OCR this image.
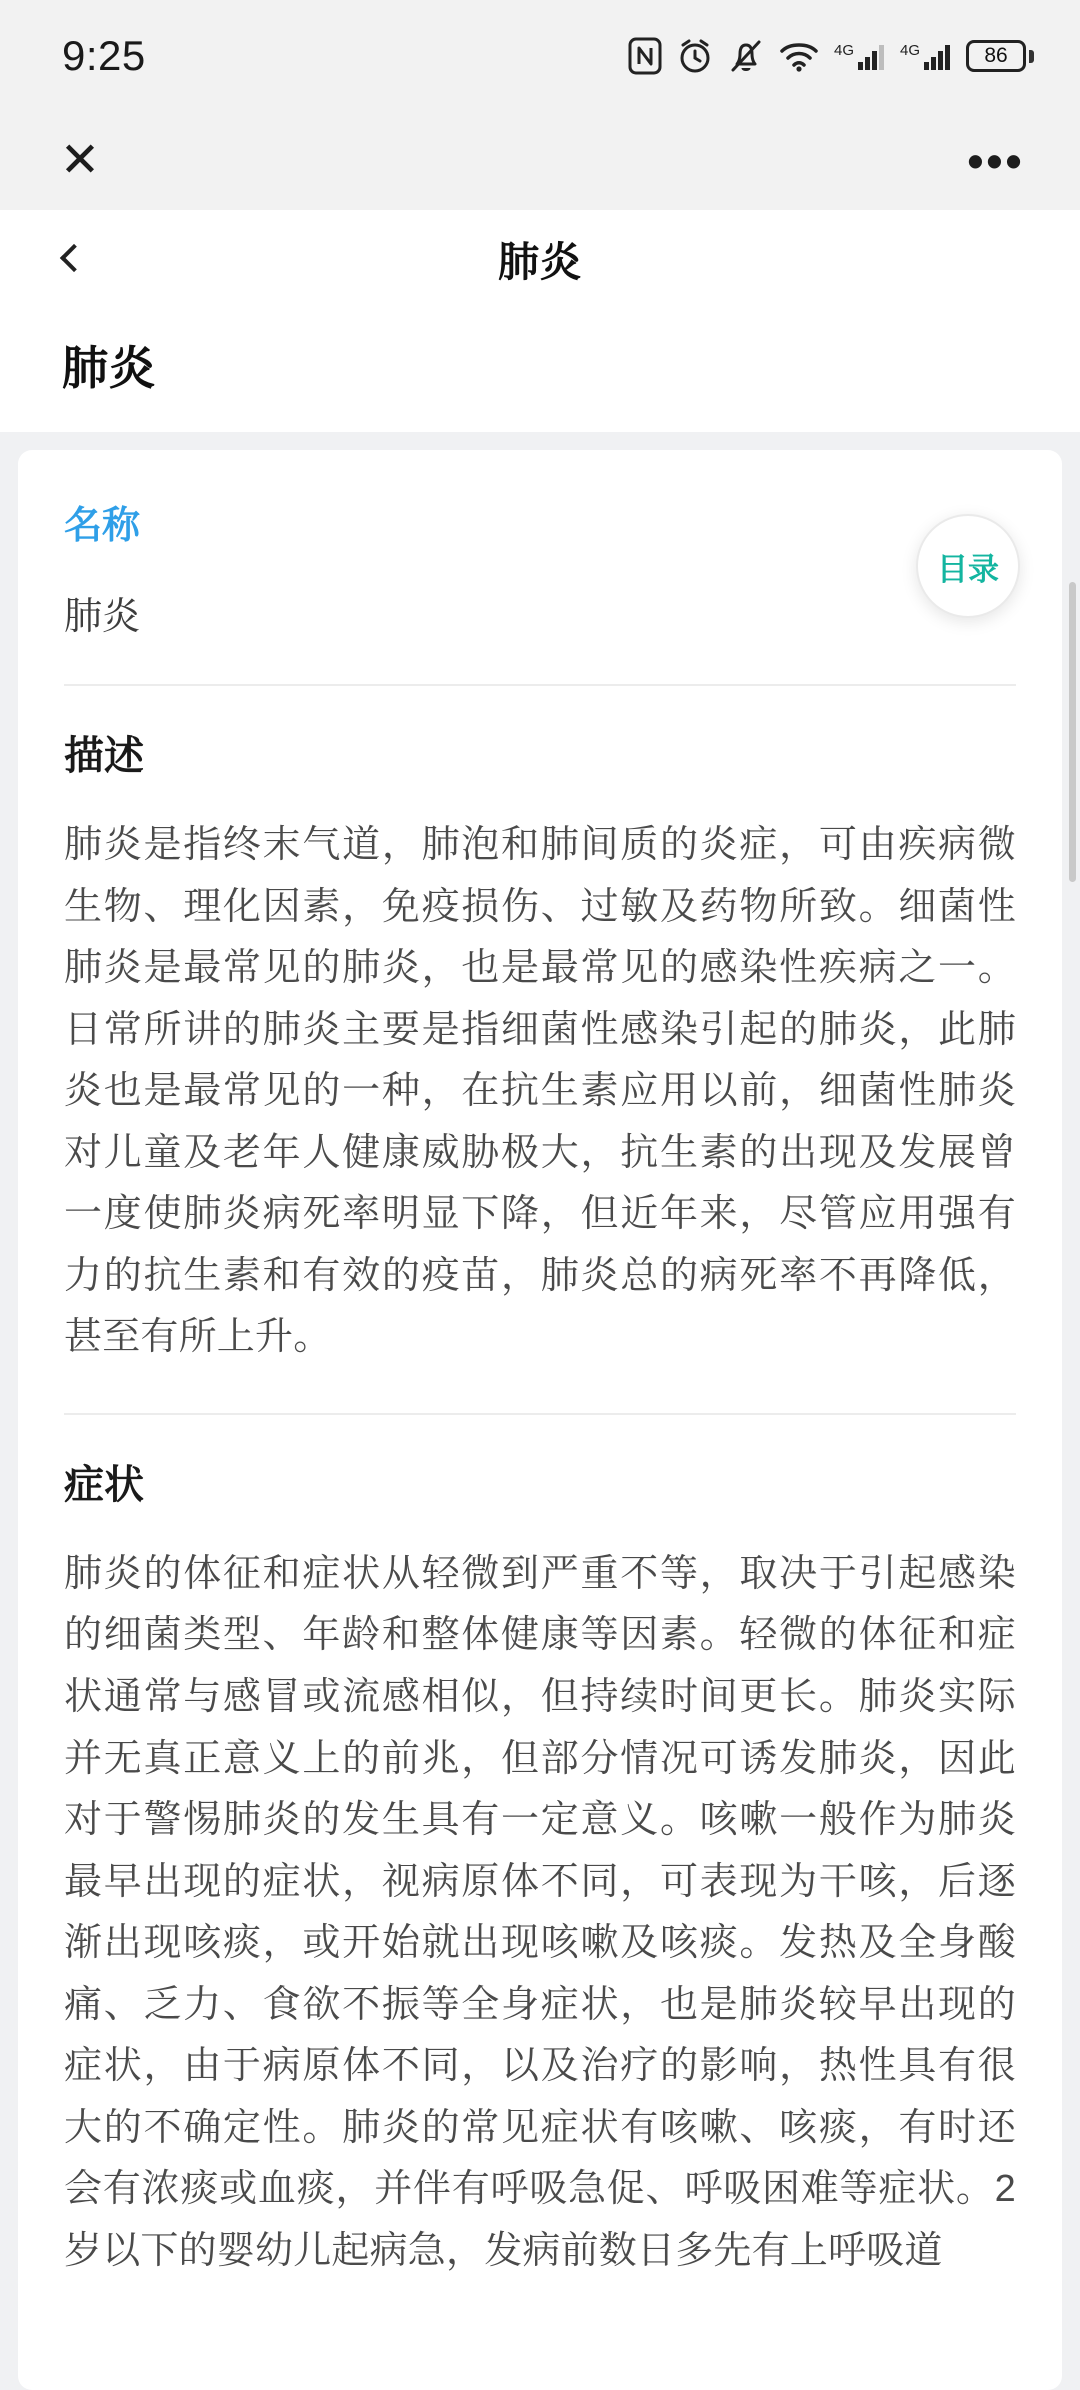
9:25	4G	4G	86
✕	•••
肺炎
肺炎
目录
名称
肺炎
描述
肺炎是指终末气道，肺泡和肺间质的炎症，可由疾病微生物、理化因素，免疫损伤、过敏及药物所致。细菌性肺炎是最常见的肺炎，也是最常见的感染性疾病之一。日常所讲的肺炎主要是指细菌性感染引起的肺炎，此肺炎也是最常见的一种，在抗生素应用以前，细菌性肺炎对儿童及老年人健康威胁极大，抗生素的出现及发展曾一度使肺炎病死率明显下降，但近年来，尽管应用强有力的抗生素和有效的疫苗，肺炎总的病死率不再降低，甚至有所上升。
症状
肺炎的体征和症状从轻微到严重不等，取决于引起感染的细菌类型、年龄和整体健康等因素。轻微的体征和症状通常与感冒或流感相似，但持续时间更长。肺炎实际并无真正意义上的前兆，但部分情况可诱发肺炎，因此对于警惕肺炎的发生具有一定意义。咳嗽一般作为肺炎最早出现的症状，视病原体不同，可表现为干咳，后逐渐出现咳痰，或开始就出现咳嗽及咳痰。发热及全身酸痛、乏力、食欲不振等全身症状，也是肺炎较早出现的症状，由于病原体不同，以及治疗的影响，热性具有很大的不确定性。肺炎的常见症状有咳嗽、咳痰，有时还会有浓痰或血痰，并伴有呼吸急促、呼吸困难等症状。2岁以下的婴幼儿起病急，发病前数日多先有上呼吸道
